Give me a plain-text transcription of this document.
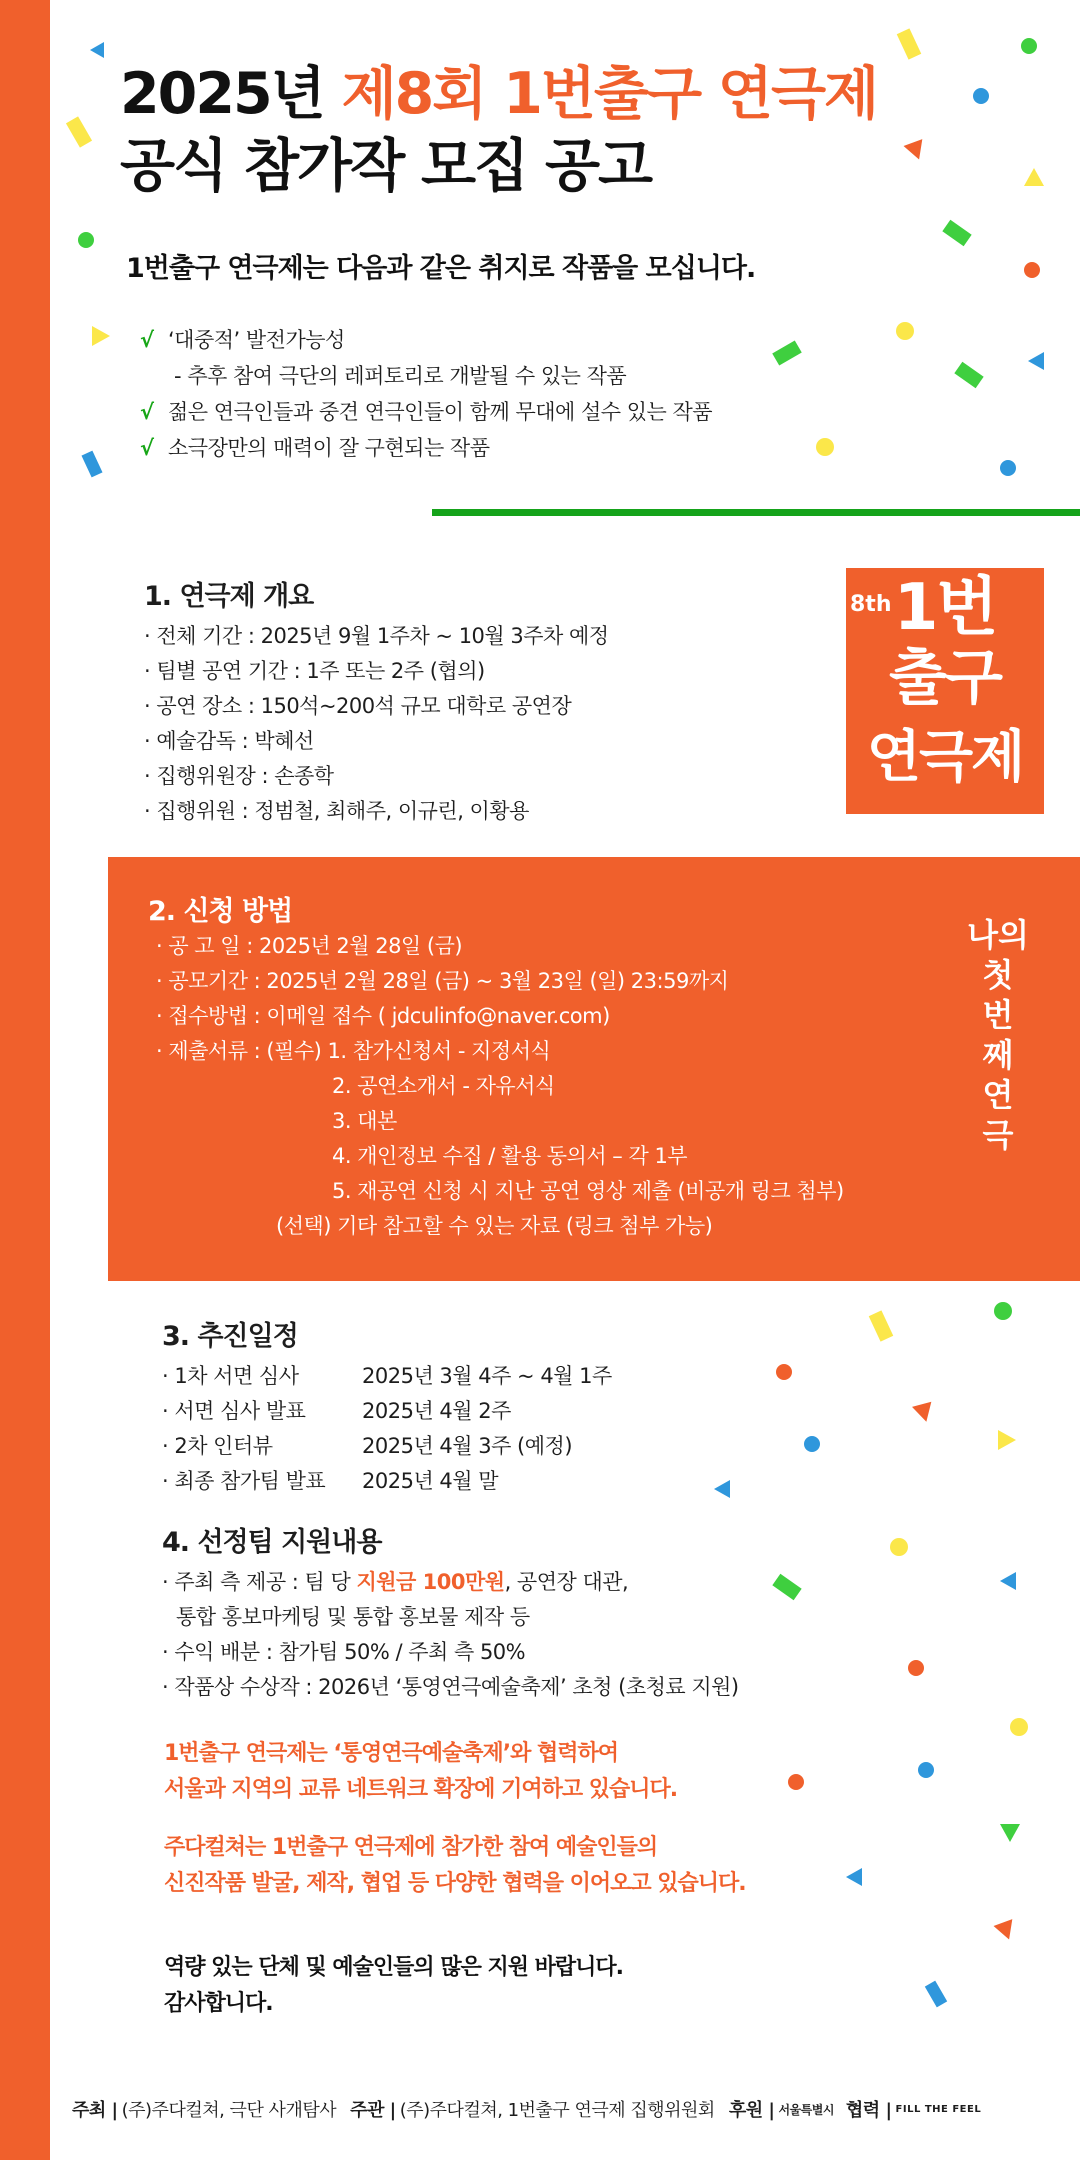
2025년 제8회 1번출구 연극제
공식 참가작 모집 공고
1번출구 연극제는 다음과 같은 취지로 작품을 모십니다.
√ ‘대중적’ 발전가능성
- 추후 참여 극단의 레퍼토리로 개발될 수 있는 작품
√ 젊은 연극인들과 중견 연극인들이 함께 무대에 설수 있는 작품
√ 소극장만의 매력이 잘 구현되는 작품
1. 연극제 개요
· 전체 기간 : 2025년 9월 1주차 ~ 10월 3주차 예정
· 팀별 공연 기간 : 1주 또는 2주 (협의)
· 공연 장소 : 150석~200석 규모 대학로 공연장
· 예술감독 : 박혜선
· 집행위원장 : 손종학
· 집행위원 : 정범철, 최해주, 이규린, 이황용
8th 1번
출구
연극제
2. 신청 방법
· 공 고 일 : 2025년 2월 28일 (금)
· 공모기간 : 2025년 2월 28일 (금) ~ 3월 23일 (일) 23:59까지
· 접수방법 : 이메일 접수 ( jdculinfo@naver.com)
· 제출서류 : (필수) 1. 참가신청서 - 지정서식
2. 공연소개서 - 자유서식
3. 대본
4. 개인정보 수집 / 활용 동의서 – 각 1부
5. 재공연 신청 시 지난 공연 영상 제출 (비공개 링크 첨부)
(선택) 기타 참고할 수 있는 자료 (링크 첨부 가능)
나의
첫
번
째
연
극
3. 추진일정
· 1차 서면 심사	2025년 3월 4주 ~ 4월 1주
· 서면 심사 발표	2025년 4월 2주
· 2차 인터뷰	2025년 4월 3주 (예정)
· 최종 참가팀 발표	2025년 4월 말
4. 선정팀 지원내용
· 주최 측 제공 : 팀 당 지원금 100만원, 공연장 대관,
통합 홍보마케팅 및 통합 홍보물 제작 등
· 수익 배분 : 참가팀 50% / 주최 측 50%
· 작품상 수상작 : 2026년 ‘통영연극예술축제’ 초청 (초청료 지원)
1번출구 연극제는 ‘통영연극예술축제’와 협력하여
서울과 지역의 교류 네트워크 확장에 기여하고 있습니다.
주다컬쳐는 1번출구 연극제에 참가한 참여 예술인들의
신진작품 발굴, 제작, 협업 등 다양한 협력을 이어오고 있습니다.
역량 있는 단체 및 예술인들의 많은 지원 바랍니다.
감사합니다.
주최 | (주)주다컬쳐, 극단 사개탐사 주관 | (주)주다컬쳐, 1번출구 연극제 집행위원회 후원 | 서울특별시 협력 | FILL THE FEEL
